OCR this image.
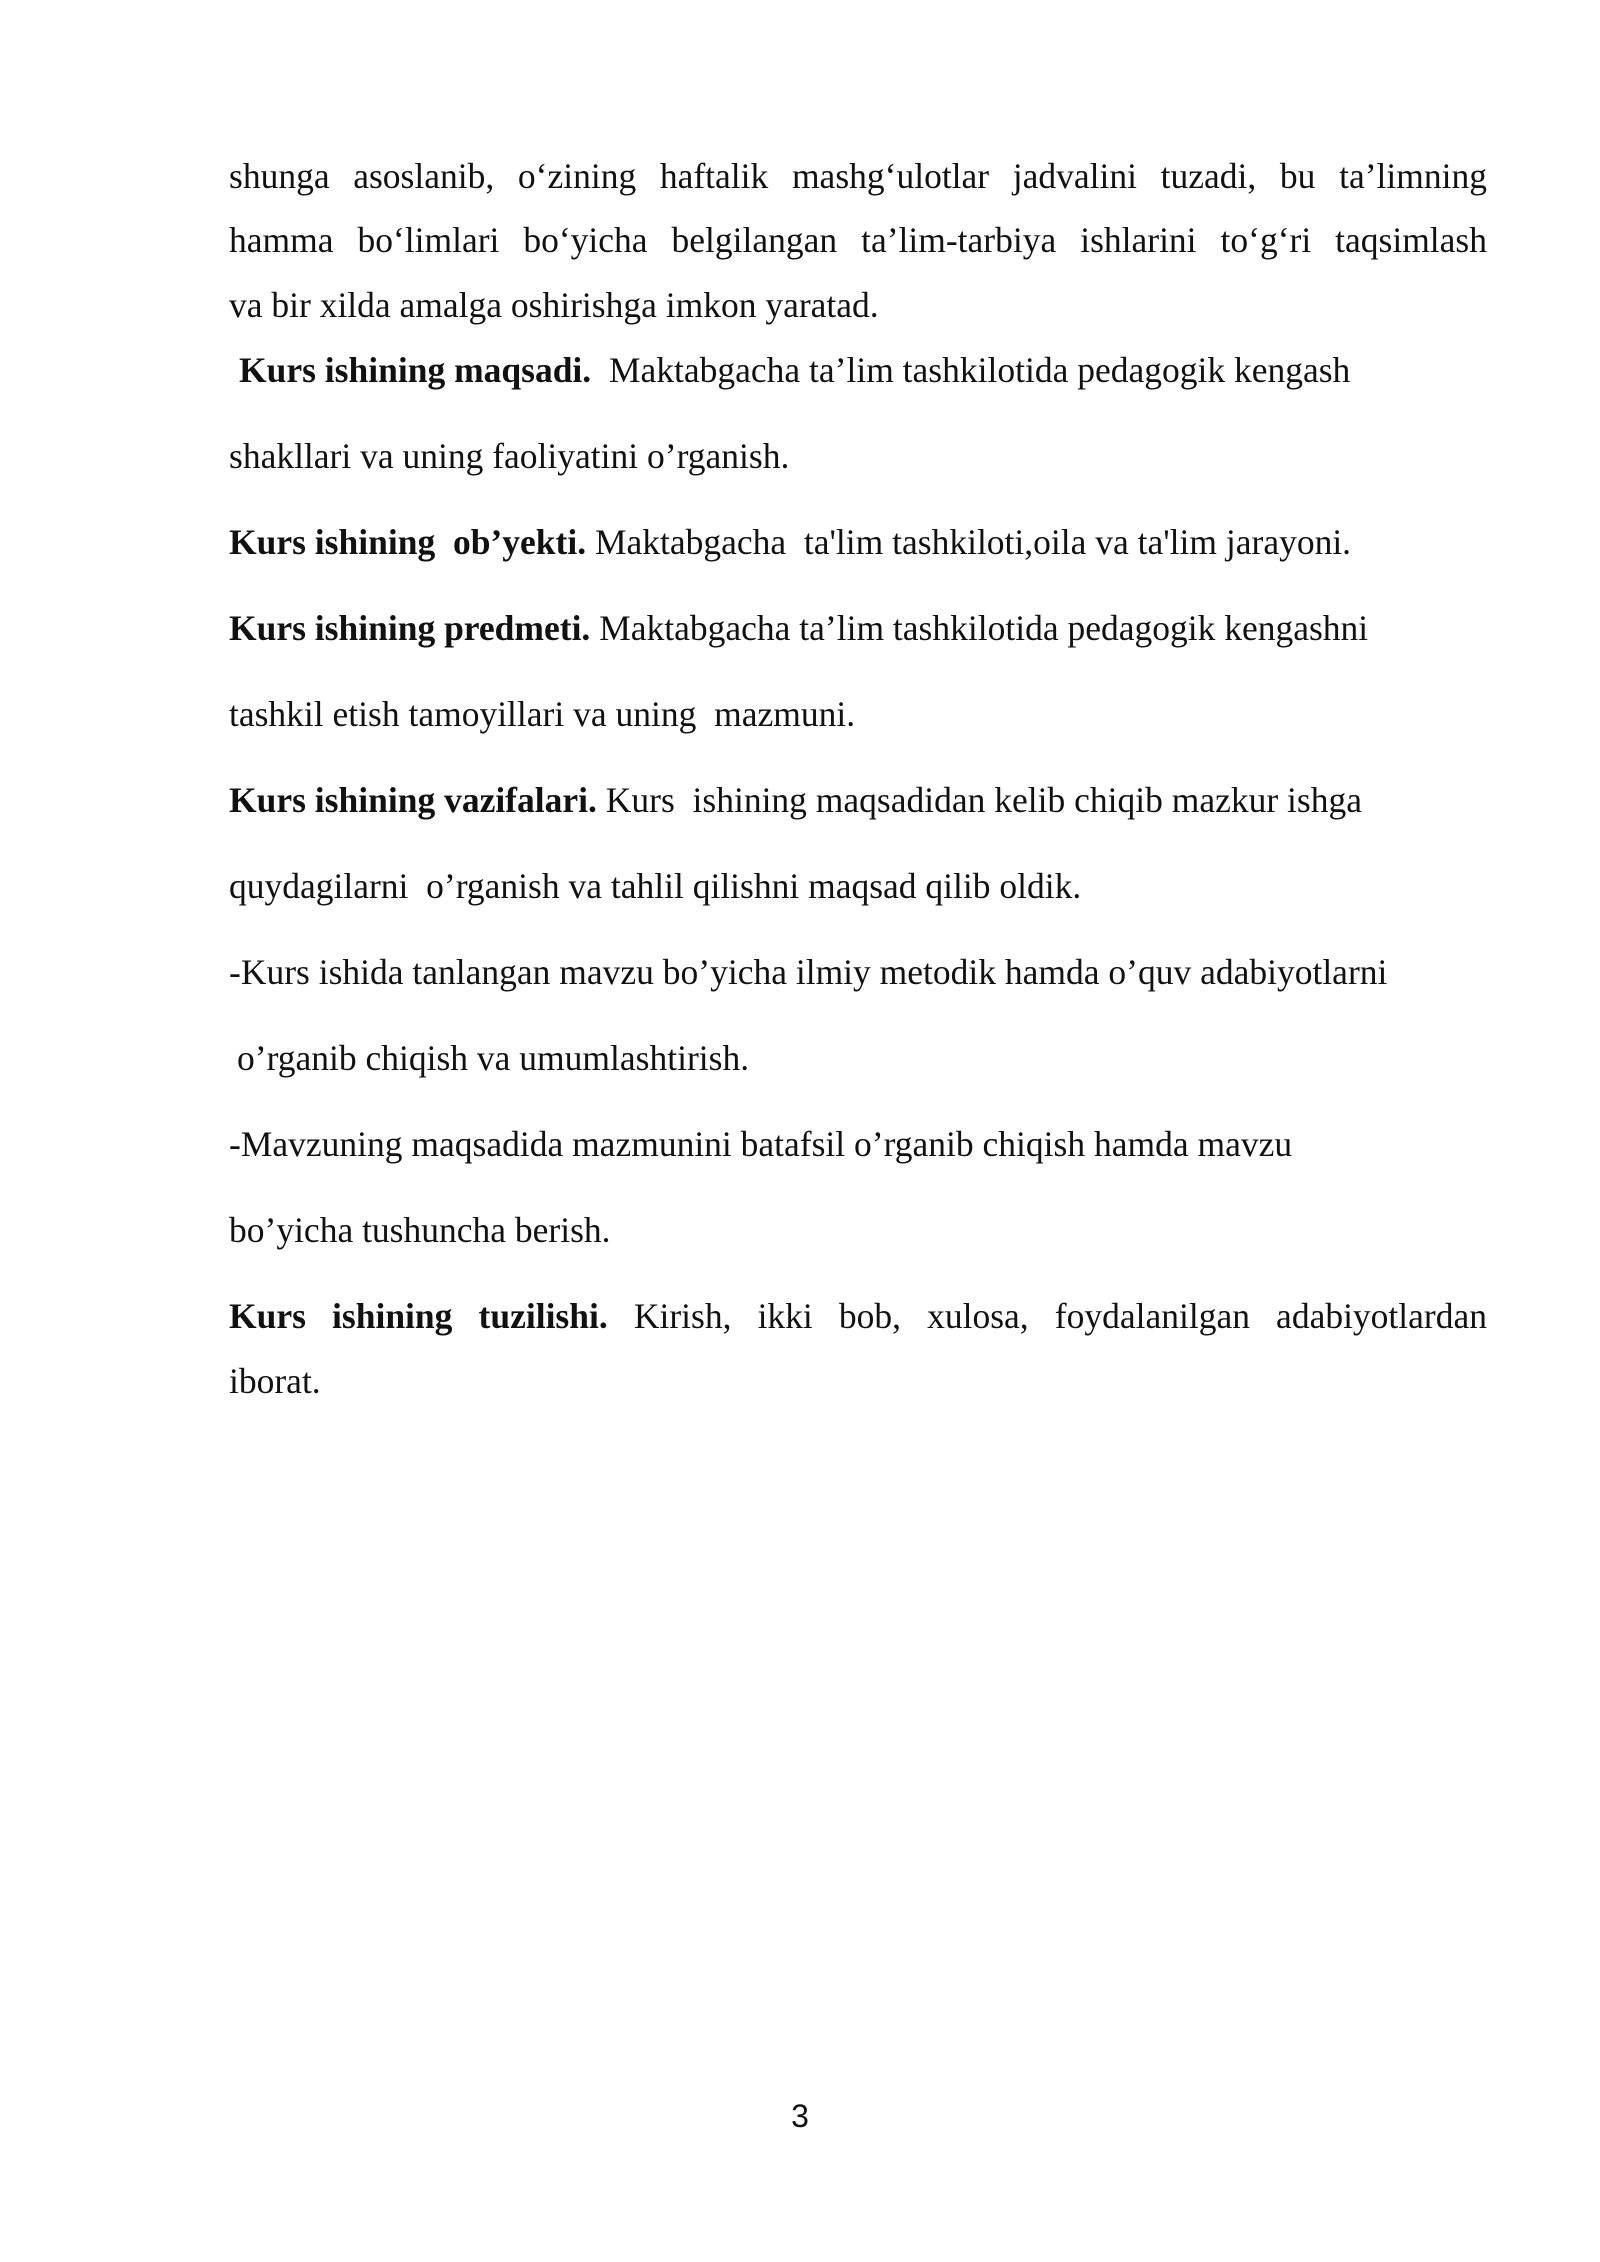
shunga asoslanib, o‘zining haftalik mashg‘ulotlar jadvalini tuzadi, bu ta’limning
hamma bo‘limlari bo‘yicha belgilangan ta’lim-tarbiya ishlarini to‘g‘ri taqsimlash
va bir xilda amalga oshirishga imkon yaratad.
Kurs ishining maqsadi.  Maktabgacha ta’lim tashkilotida pedagogik kengash
shakllari va uning faoliyatini o’rganish.
Kurs ishining  ob’yekti. Maktabgacha  ta'lim tashkiloti,oila va ta'lim jarayoni.
Kurs ishining predmeti. Maktabgacha ta’lim tashkilotida pedagogik kengashni
tashkil etish tamoyillari va uning  mazmuni.
Kurs ishining vazifalari. Kurs  ishining maqsadidan kelib chiqib mazkur ishga
quydagilarni  o’rganish va tahlil qilishni maqsad qilib oldik.
-Kurs ishida tanlangan mavzu bo’yicha ilmiy metodik hamda o’quv adabiyotlarni
o’rganib chiqish va umumlashtirish.
-Mavzuning maqsadida mazmunini batafsil o’rganib chiqish hamda mavzu
bo’yicha tushuncha berish.
Kurs ishining tuzilishi. Kirish, ikki bob, xulosa, foydalanilgan adabiyotlardan
iborat.
3
